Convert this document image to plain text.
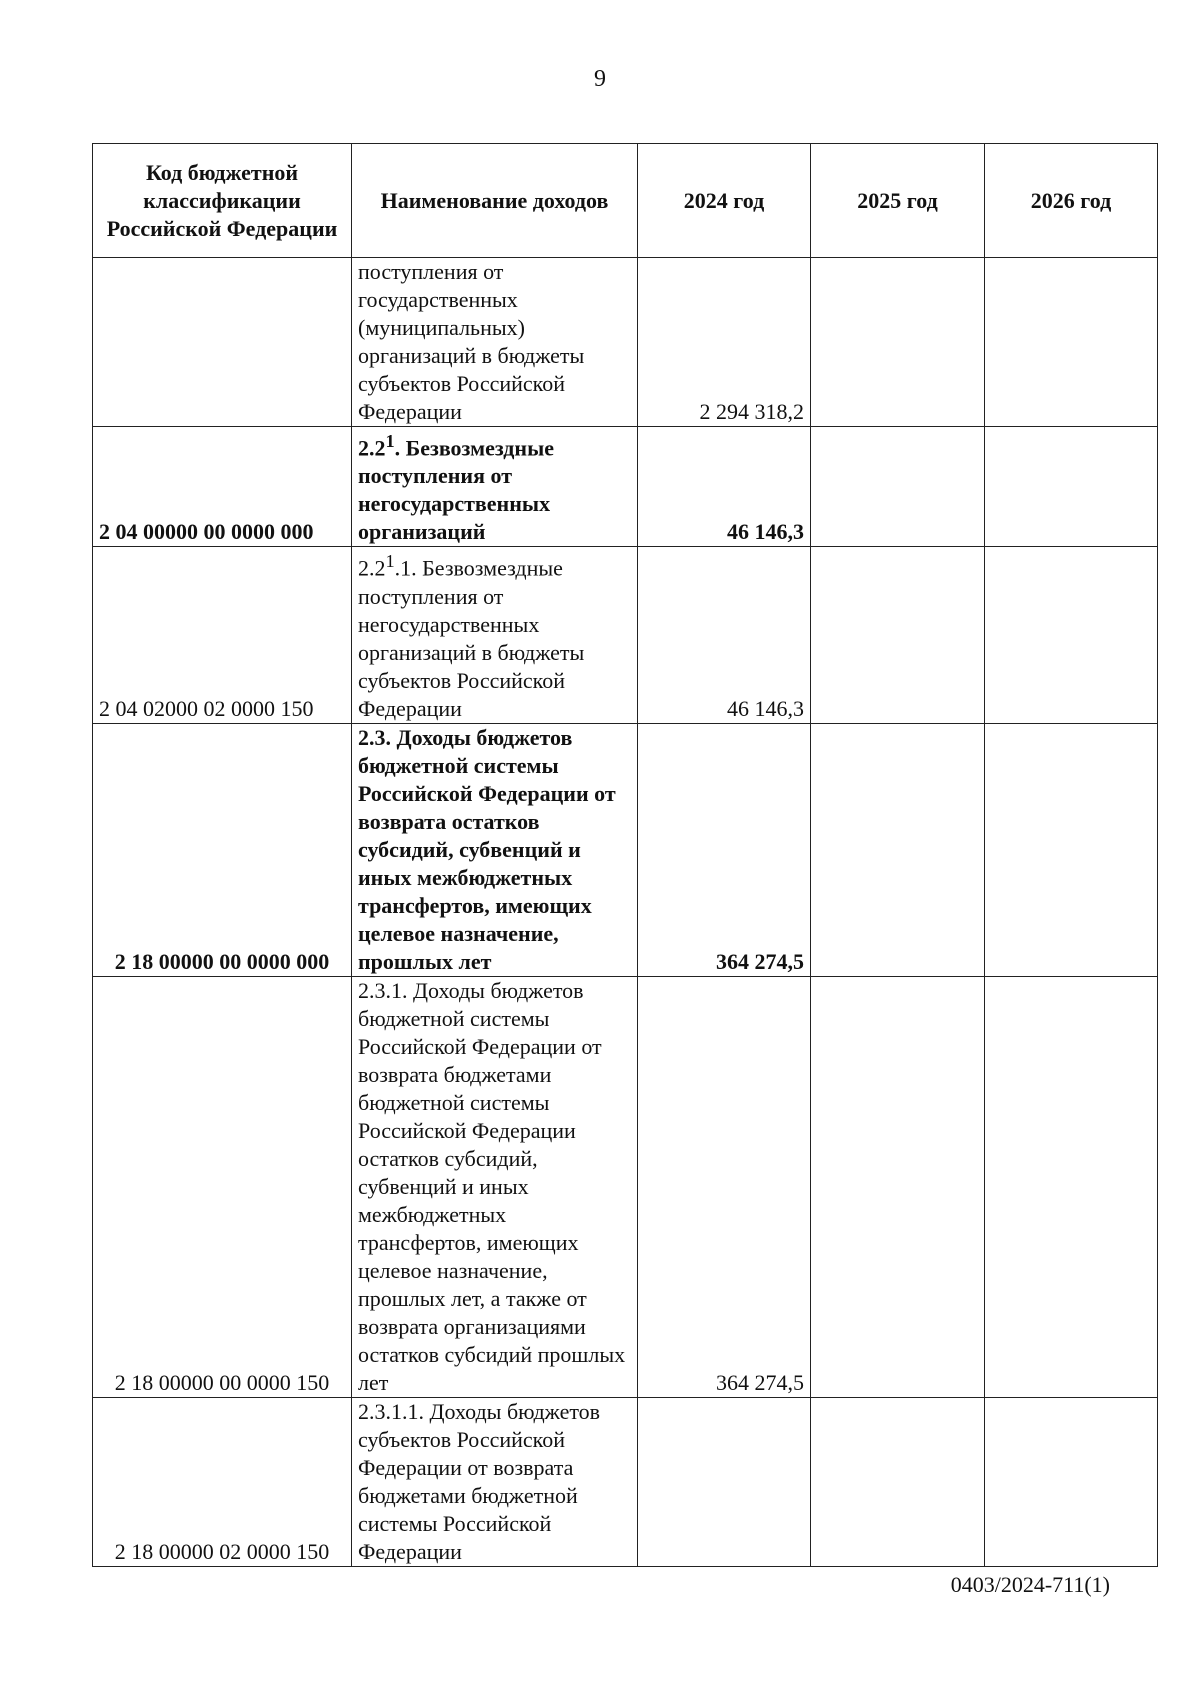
9
Код бюджетной классификации Российской Федерации	Наименование доходов	2024 год	2025 год	2026 год
	поступления от государственных (муниципальных) организаций в бюджеты субъектов Российской Федерации	2 294 318,2		
2 04 00000 00 0000 000	$2.2^1$. Безвозмездные поступления от негосударственных организаций	46 146,3		
2 04 02000 02 0000 150	$2.2^1.1$. Безвозмездные поступления от негосударственных организаций в бюджеты субъектов Российской Федерации	46 146,3		
2 18 00000 00 0000 000	2.3. Доходы бюджетов бюджетной системы Российской Федерации от возврата остатков субсидий, субвенций и иных межбюджетных трансфертов, имеющих целевое назначение, прошлых лет	364 274,5		
2 18 00000 00 0000 150	2.3.1. Доходы бюджетов бюджетной системы Российской Федерации от возврата бюджетами бюджетной системы Российской Федерации остатков субсидий, субвенций и иных межбюджетных трансфертов, имеющих целевое назначение, прошлых лет, а также от возврата организациями остатков субсидий прошлых лет	364 274,5		
2 18 00000 02 0000 150	2.3.1.1. Доходы бюджетов субъектов Российской Федерации от возврата бюджетами бюджетной системы Российской Федерации			
0403/2024-711(1)
